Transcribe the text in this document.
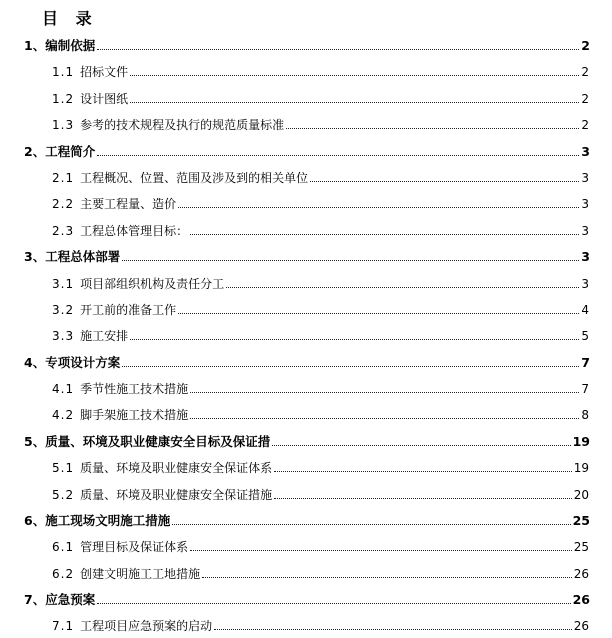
目 录
1、编制依据	2
1.1 招标文件	2
1.2 设计图纸	2
1.3 参考的技术规程及执行的规范质量标准	2
2、工程简介	3
2.1 工程概况、位置、范围及涉及到的相关单位	3
2.2 主要工程量、造价	3
2.3 工程总体管理目标：	3
3、工程总体部署	3
3.1 项目部组织机构及责任分工	3
3.2 开工前的准备工作	4
3.3 施工安排	5
4、专项设计方案	7
4.1 季节性施工技术措施	7
4.2 脚手架施工技术措施	8
5、质量、环境及职业健康安全目标及保证措	19
5.1 质量、环境及职业健康安全保证体系	19
5.2 质量、环境及职业健康安全保证措施	20
6、施工现场文明施工措施	25
6.1 管理目标及保证体系	25
6.2 创建文明施工工地措施	26
7、应急预案	26
7.1 工程项目应急预案的启动	26
